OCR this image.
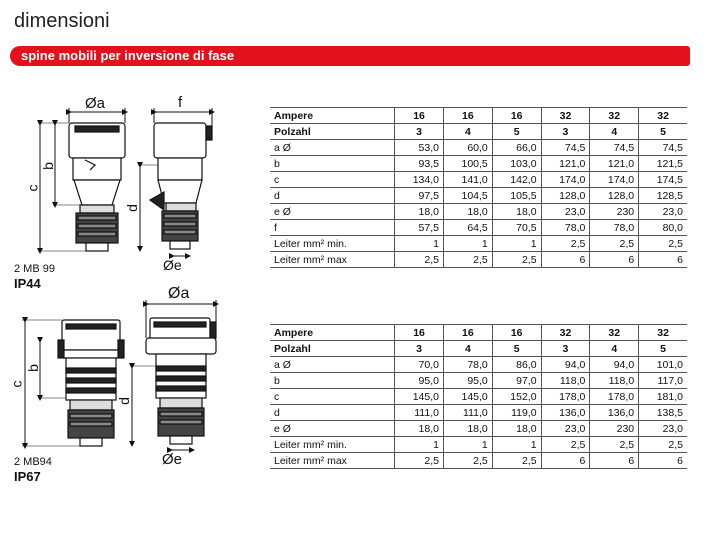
dimensioni
spine mobili per inversione di fase
Øa	f
b
c
d
Øe
Øa
b
c
d
Øe
2 MB 99
IP44
2 MB94
IP67
Ampere	16	16	16	32	32	32
Polzahl	3	4	5	3	4	5
a Ø	53,0	60,0	66,0	74,5	74,5	74,5
b	93,5	100,5	103,0	121,0	121,0	121,5
c	134,0	141,0	142,0	174,0	174,0	174,5
d	97,5	104,5	105,5	128,0	128,0	128,5
e Ø	18,0	18,0	18,0	23,0	230	23,0
f	57,5	64,5	70,5	78,0	78,0	80,0
Leiter mm² min.	1	1	1	2,5	2,5	2,5
Leiter mm² max	2,5	2,5	2,5	6	6	6
Ampere	16	16	16	32	32	32
Polzahl	3	4	5	3	4	5
a Ø	70,0	78,0	86,0	94,0	94,0	101,0
b	95,0	95,0	97,0	118,0	118,0	117,0
c	145,0	145,0	152,0	178,0	178,0	181,0
d	111,0	111,0	119,0	136,0	136,0	138,5
e Ø	18,0	18,0	18,0	23,0	230	23,0
Leiter mm² min.	1	1	1	2,5	2,5	2,5
Leiter mm² max	2,5	2,5	2,5	6	6	6
